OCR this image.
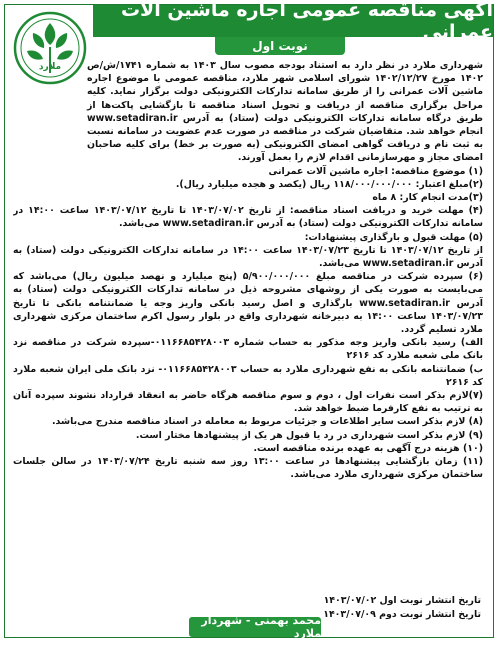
ملارد
آگهی مناقصه عمومی اجاره ماشین آلات عمرانی
نوبت اول

شهرداری ملارد در نظر دارد به استناد بودجه مصوب سال ۱۴۰۳ به شماره ۱۷۴۱/ش/ص ۱۴۰۲ مورخ ۱۴۰۲/۱۲/۲۷ شورای اسلامی شهر ملارد، مناقصه عمومی با موضوع اجاره ماشین آلات عمرانی را از طریق سامانه تدارکات الکترونیکی دولت برگزار نماید. کلیه مراحل برگزاری مناقصه از دریافت و تحویل اسناد مناقصه تا بازگشایی پاکت‌ها از طریق درگاه سامانه تدارکات الکترونیکی دولت (ستاد) به آدرس www.setadiran.ir انجام خواهد شد. متقاضیان شرکت در مناقصه در صورت عدم عضویت در سامانه نسبت به ثبت نام و دریافت گواهی امضای الکترونیکی (به صورت بر خط) برای کلیه صاحبان امضای مجاز و مهرسازمانی اقدام لازم را بعمل آورند.

(۱) موضوع مناقصه: اجاره ماشین آلات عمرانی

(۲)مبلغ اعتبار: ۱۱۸/۰۰۰/۰۰۰/۰۰۰ ریال (یکصد و هجده میلیارد ریال).

(۳)مدت انجام کار: ۸ ماه

(۴) مهلت خرید و دریافت اسناد مناقصه: از تاریخ ۱۴۰۳/۰۷/۰۲ تا تاریخ ۱۴۰۳/۰۷/۱۲ ساعت ۱۴:۰۰ در سامانه تدارکات الکترونیکی دولت (ستاد) به آدرس www.setadiran.ir می‌باشد.

(۵) مهلت قبول و بارگذاری پیشنهادات:

از تاریخ ۱۴۰۳/۰۷/۱۲ تا تاریخ ۱۴۰۳/۰۷/۲۳ ساعت ۱۴:۰۰ در سامانه تدارکات الکترونیکی دولت (ستاد) به آدرس www.setadiran.ir می‌باشد.

(۶) سپرده شرکت در مناقصه مبلغ ۵/۹۰۰/۰۰۰/۰۰۰ (پنج میلیارد و نهصد میلیون ریال) می‌باشد که می‌بایست به صورت یکی از روشهای مشروحه ذیل در سامانه تدارکات الکترونیکی دولت (ستاد) به آدرس www.setadiran.ir بارگذاری و اصل رسید بانکی واریز وجه یا ضمانتنامه بانکی تا تاریخ ۱۴۰۳/۰۷/۲۳ ساعت ۱۴:۰۰ به دبیرخانه شهرداری واقع در بلوار رسول اکرم ساختمان مرکزی شهرداری ملارد تسلیم گردد.

الف) رسید بانکی واریز وجه مذکور به حساب شماره ۰۱۱۶۶۸۵۴۲۸۰۰۳-سپرده شرکت در مناقصه نزد بانک ملی شعبه ملارد کد ۲۶۱۶

ب) ضمانتنامه بانکی به نفع شهرداری ملارد به حساب ۰۱۱۶۶۸۵۴۲۸۰۰۳- نزد بانک ملی ایران شعبه ملارد کد ۲۶۱۶

(۷)لازم بذکر است نفرات اول ، دوم و سوم مناقصه هرگاه حاضر به انعقاد قرارداد نشوند سپرده آنان به ترتیب به نفع کارفرما ضبط خواهد شد.

(۸) لازم بذکر است سایر اطلاعات و جزئیات مربوط به معامله در اسناد مناقصه مندرج می‌باشد.

(۹) لازم بذکر است شهرداری در رد یا قبول هر یک از پیشنهادها مختار است.

(۱۰) هزینه درج آگهی به عهده برنده مناقصه است.

(۱۱) زمان بازگشایی پیشنهادها در ساعت ۱۳:۰۰ روز سه شنبه تاریخ ۱۴۰۳/۰۷/۲۴ در سالن جلسات ساختمان مرکزی شهرداری ملارد می‌باشد.

تاریخ انتشار نوبت اول ۱۴۰۳/۰۷/۰۲
تاریخ انتشار نوبت دوم ۱۴۰۳/۰۷/۰۹
محمد بهمنی - شهردار ملارد
